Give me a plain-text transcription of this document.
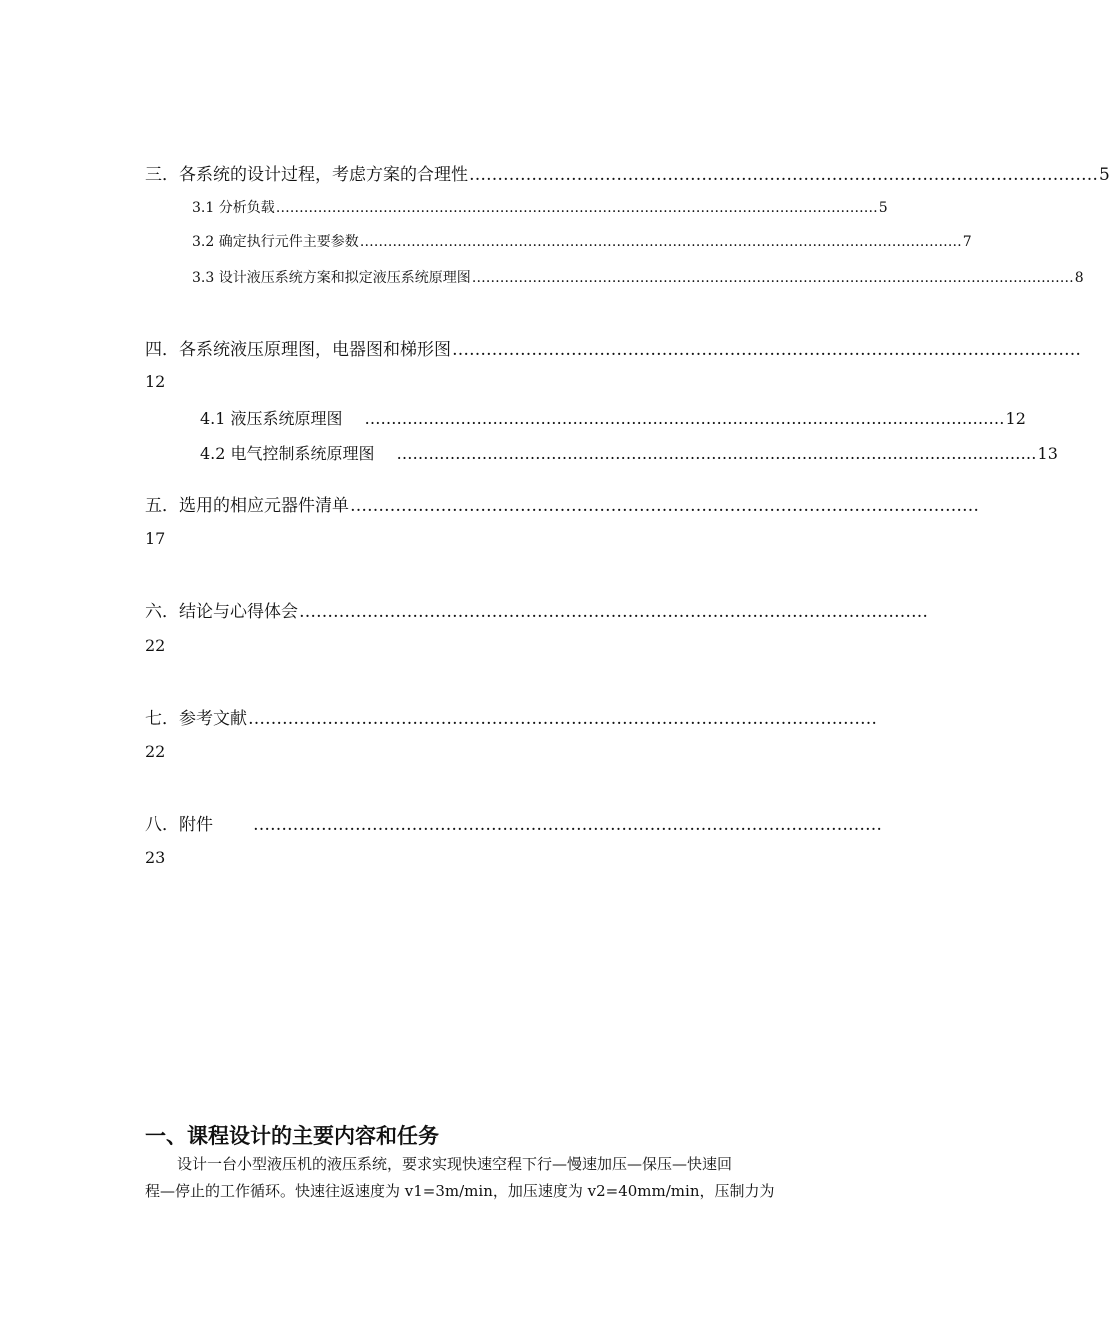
三．各系统的设计过程，考虑方案的合理性 ………………………………………………………………………………………………… 5
3.1 分析负载 ………………………………………………………………………………………………………………… 5
3.2 确定执行元件主要参数 ………………………………………………………………………………………………………………… 7
3.3 设计液压系统方案和拟定液压系统原理图 ………………………………………………………………………………………………………………… 8
四．各系统液压原理图，电器图和梯形图 …………………………………………………………………………………………………
12
4.1 液压系统原理图 ………………………………………………………………………………………………………… 12
4.2 电气控制系统原理图 ………………………………………………………………………………………………………… 13
五．选用的相应元器件清单 …………………………………………………………………………………………………
17
六．结论与心得体会 …………………………………………………………………………………………………
22
七．参考文献 …………………………………………………………………………………………………
22
八．附件 …………………………………………………………………………………………………
23
一、课程设计的主要内容和任务
设计一台小型液压机的液压系统，要求实现快速空程下行—慢速加压—保压—快速回
程—停止的工作循环。快速往返速度为 v1=3m/min，加压速度为 v2=40mm/min，压制力为
